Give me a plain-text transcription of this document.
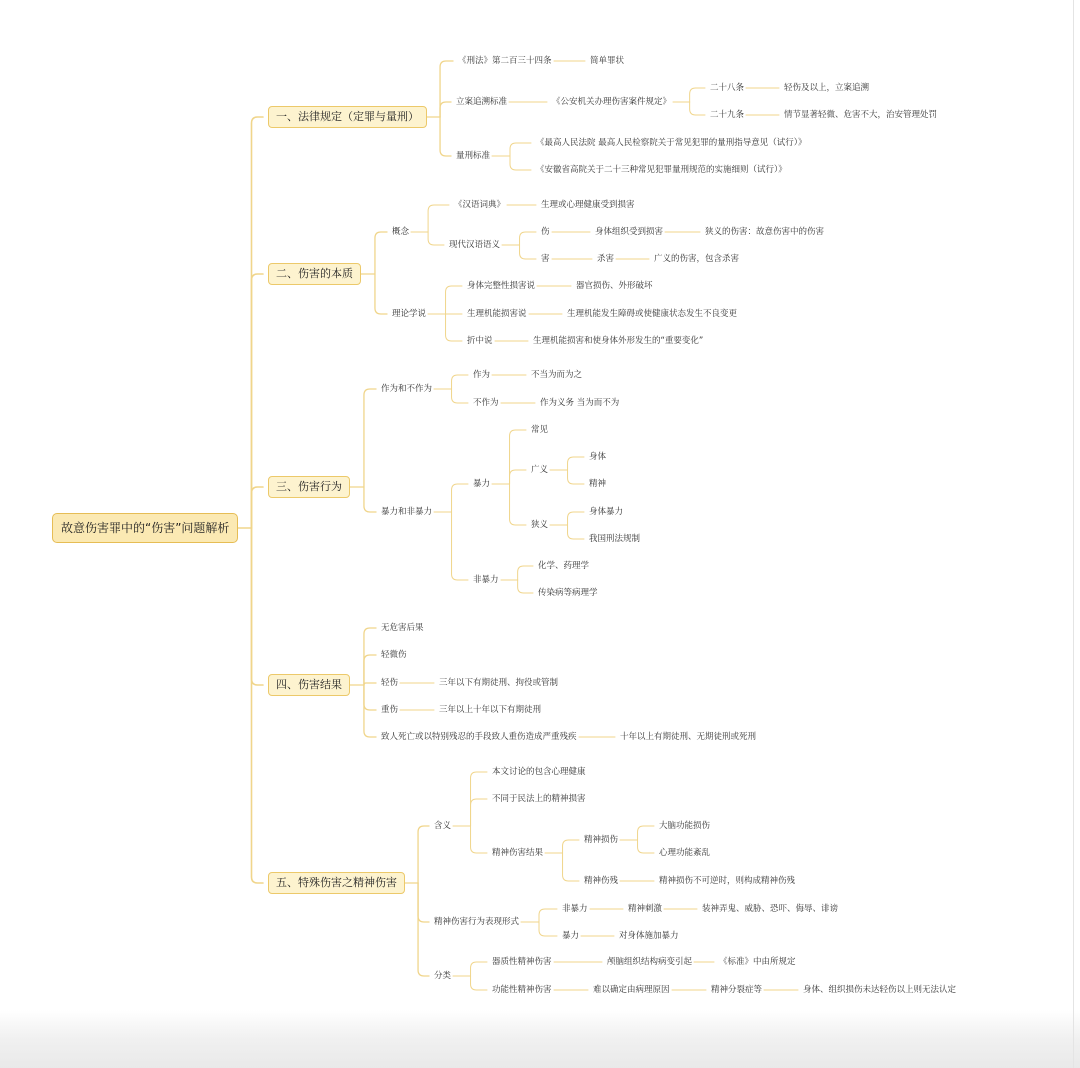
故意伤害罪中的“伤害”问题解析
一、法律规定（定罪与量刑）
《刑法》第二百三十四条	简单罪状
立案追溯标准	《公安机关办理伤害案件规定》
二十八条	轻伤及以上，立案追溯
二十九条	情节显著轻微、危害不大，治安管理处罚
量刑标准
《最高人民法院 最高人民检察院关于常见犯罪的量刑指导意见（试行）》
《安徽省高院关于二十三种常见犯罪量刑规范的实施细则（试行）》
二、伤害的本质
概念
《汉语词典》	生理或心理健康受到损害
现代汉语语义
伤	身体组织受到损害	狭义的伤害：故意伤害中的伤害
害	杀害	广义的伤害，包含杀害
理论学说
身体完整性损害说	器官损伤、外形破坏
生理机能损害说	生理机能发生障碍或使健康状态发生不良变更
折中说	生理机能损害和使身体外形发生的“重要变化”
三、伤害行为
作为和不作为
作为	不当为而为之
不作为	作为义务 当为而不为
暴力和非暴力
暴力
常见
广义
身体
精神
狭义
身体暴力
我国刑法规制
非暴力
化学、药理学
传染病等病理学
四、伤害结果
无危害后果
轻微伤
轻伤	三年以下有期徒刑、拘役或管制
重伤	三年以上十年以下有期徒刑
致人死亡或以特别残忍的手段致人重伤造成严重残疾	十年以上有期徒刑、无期徒刑或死刑
五、特殊伤害之精神伤害
含义
本文讨论的包含心理健康
不同于民法上的精神损害
精神伤害结果
精神损伤
大脑功能损伤
心理功能紊乱
精神伤残	精神损伤不可逆时，则构成精神伤残
精神伤害行为表现形式
非暴力	精神刺激	装神弄鬼、威胁、恐吓、侮辱、诽谤
暴力	对身体施加暴力
分类
器质性精神伤害	颅脑组织结构病变引起	《标准》中由所规定
功能性精神伤害	难以确定由病理原因	精神分裂症等	身体、组织损伤未达轻伤以上则无法认定
